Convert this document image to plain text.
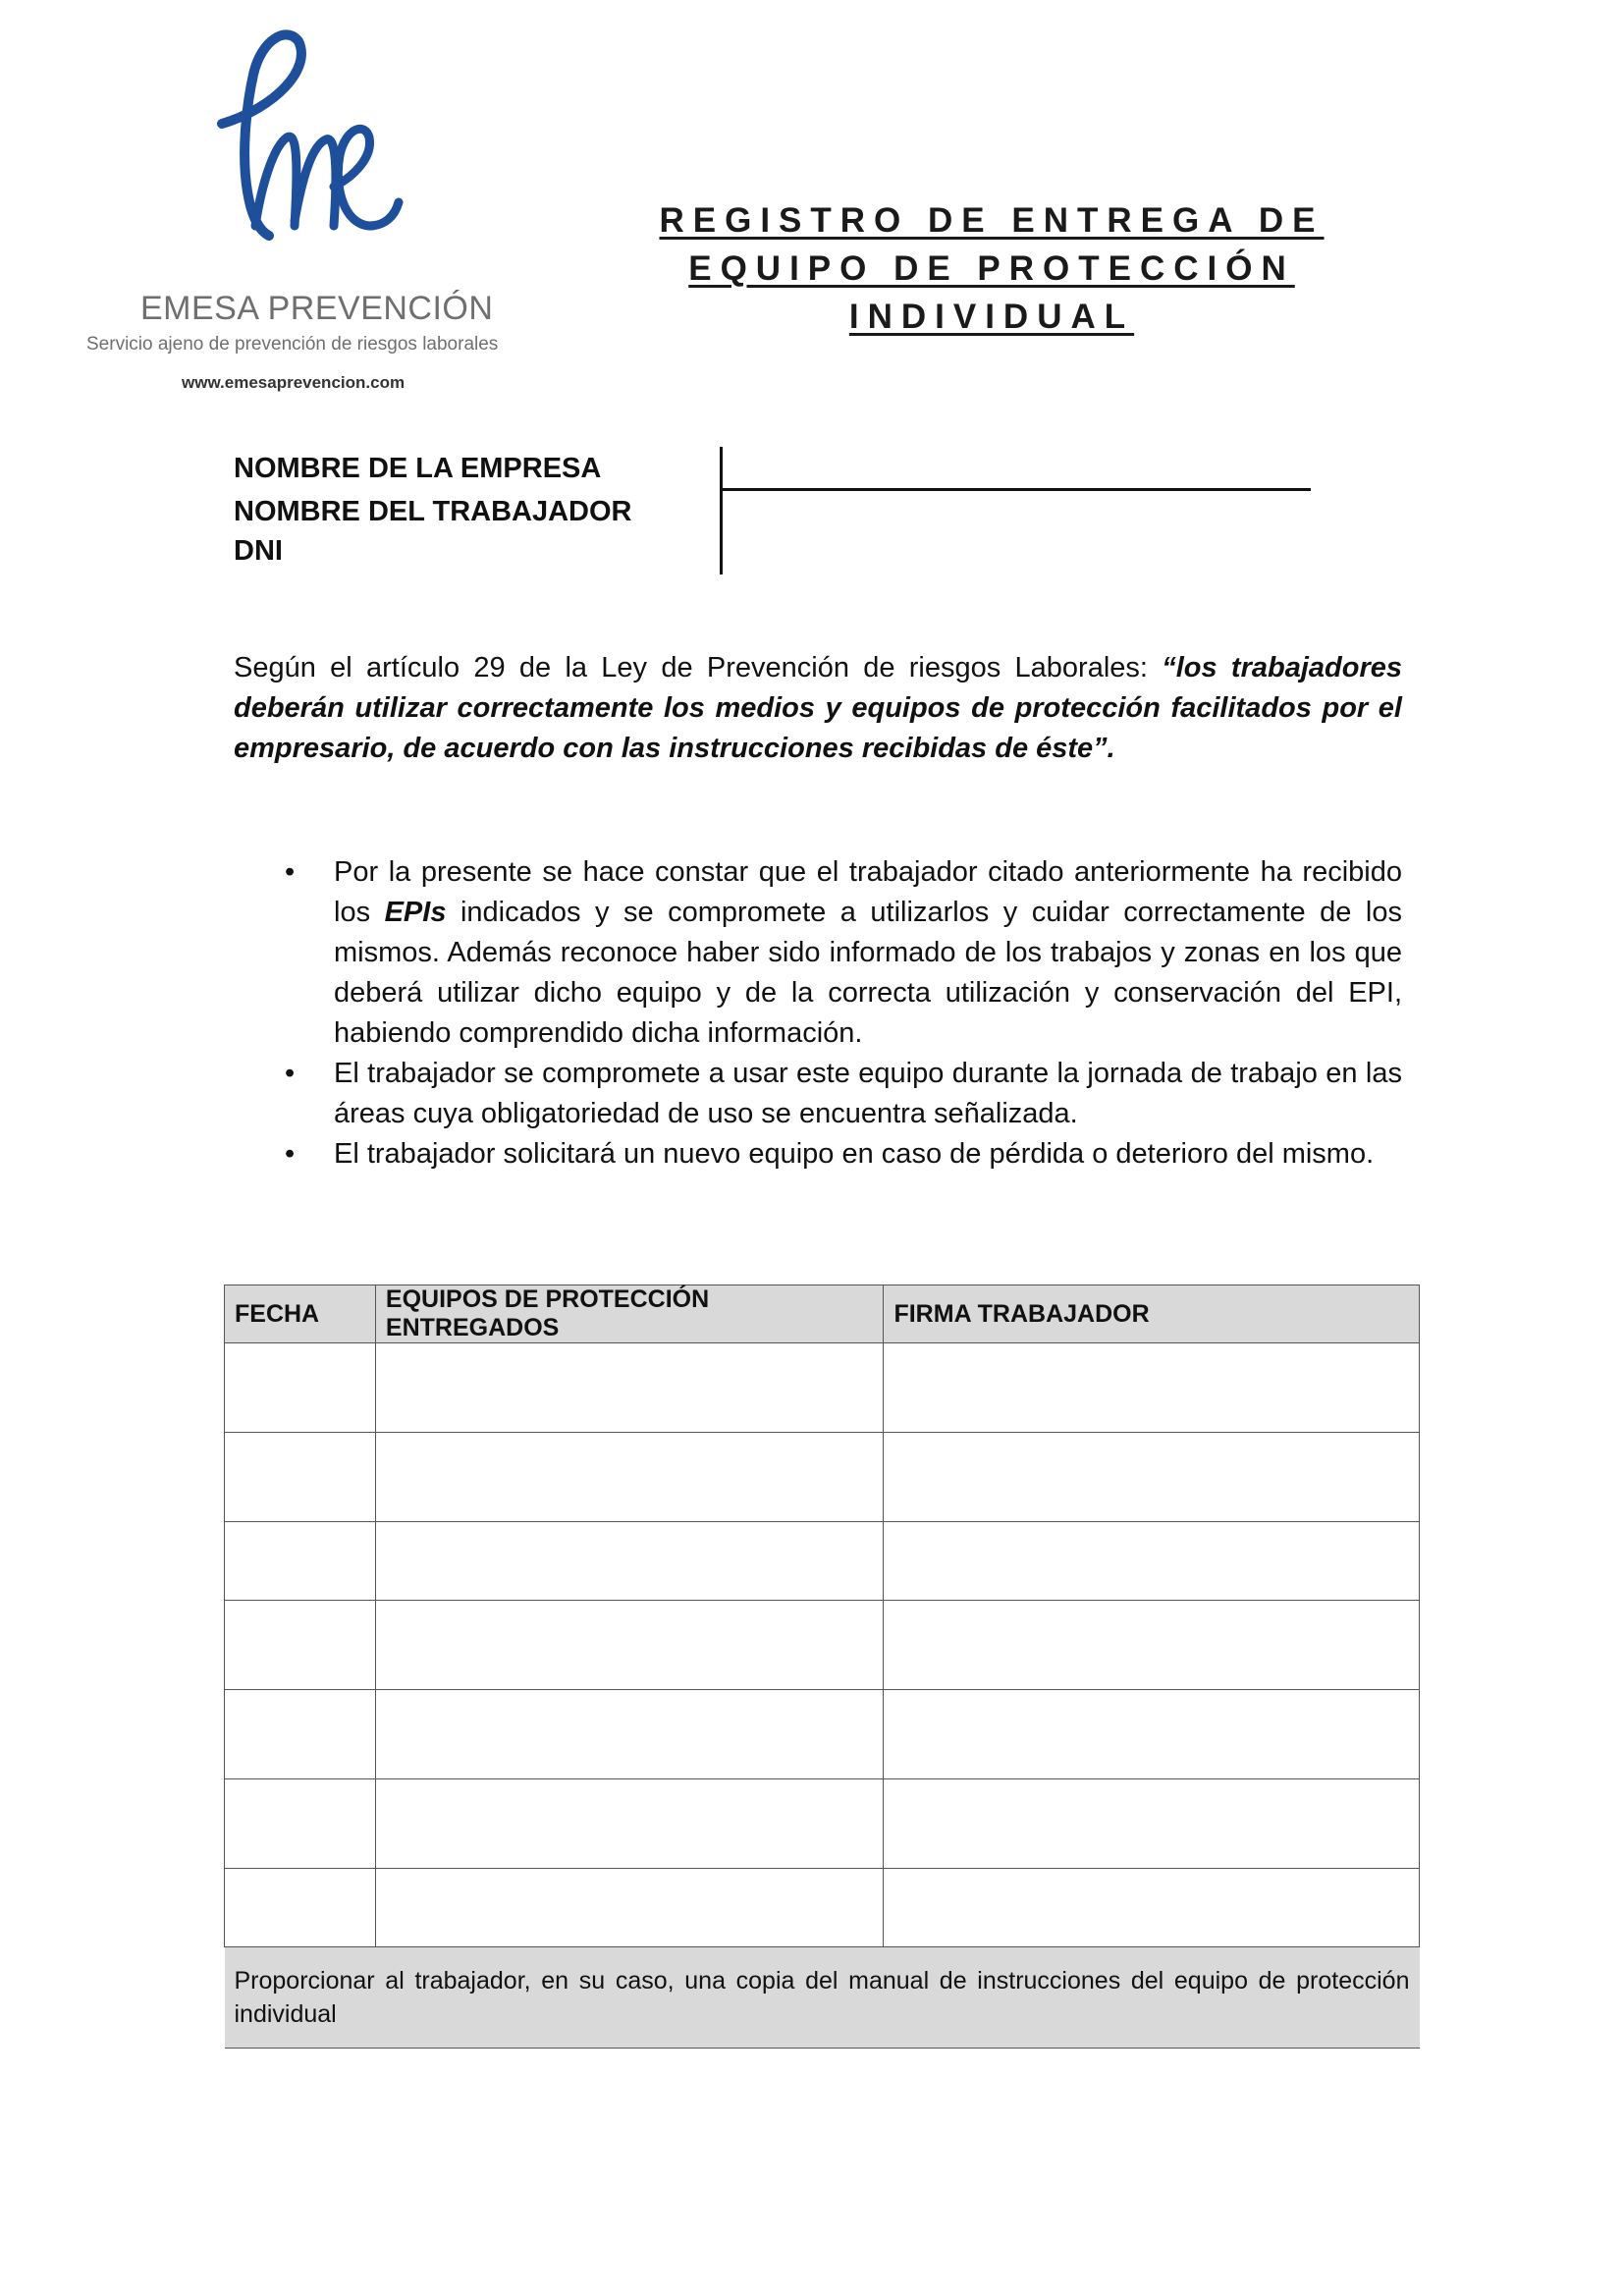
EMESA PREVENCIÓN
Servicio ajeno de prevención de riesgos laborales
www.emesaprevencion.com
REGISTRO DE ENTREGA DE
EQUIPO DE PROTECCIÓN
INDIVIDUAL
NOMBRE DE LA EMPRESA
NOMBRE DEL TRABAJADOR
DNI
Según el artículo 29 de la Ley de Prevención de riesgos Laborales: “los trabajadores deberán utilizar correctamente los medios y equipos de protección facilitados por el empresario, de acuerdo con las instrucciones recibidas de éste”.
• Por la presente se hace constar que el trabajador citado anteriormente ha recibido los EPIs indicados y se compromete a utilizarlos y cuidar correctamente de los mismos. Además reconoce haber sido informado de los trabajos y zonas en los que deberá utilizar dicho equipo y de la correcta utilización y conservación del EPI, habiendo comprendido dicha información.
• El trabajador se compromete a usar este equipo durante la jornada de trabajo en las áreas cuya obligatoriedad de uso se encuentra señalizada.
• El trabajador solicitará un nuevo equipo en caso de pérdida o deterioro del mismo.
FECHA	EQUIPOS DE PROTECCIÓN ENTREGADOS	FIRMA TRABAJADOR

Proporcionar al trabajador, en su caso, una copia del manual de instrucciones del equipo de protección individual		
